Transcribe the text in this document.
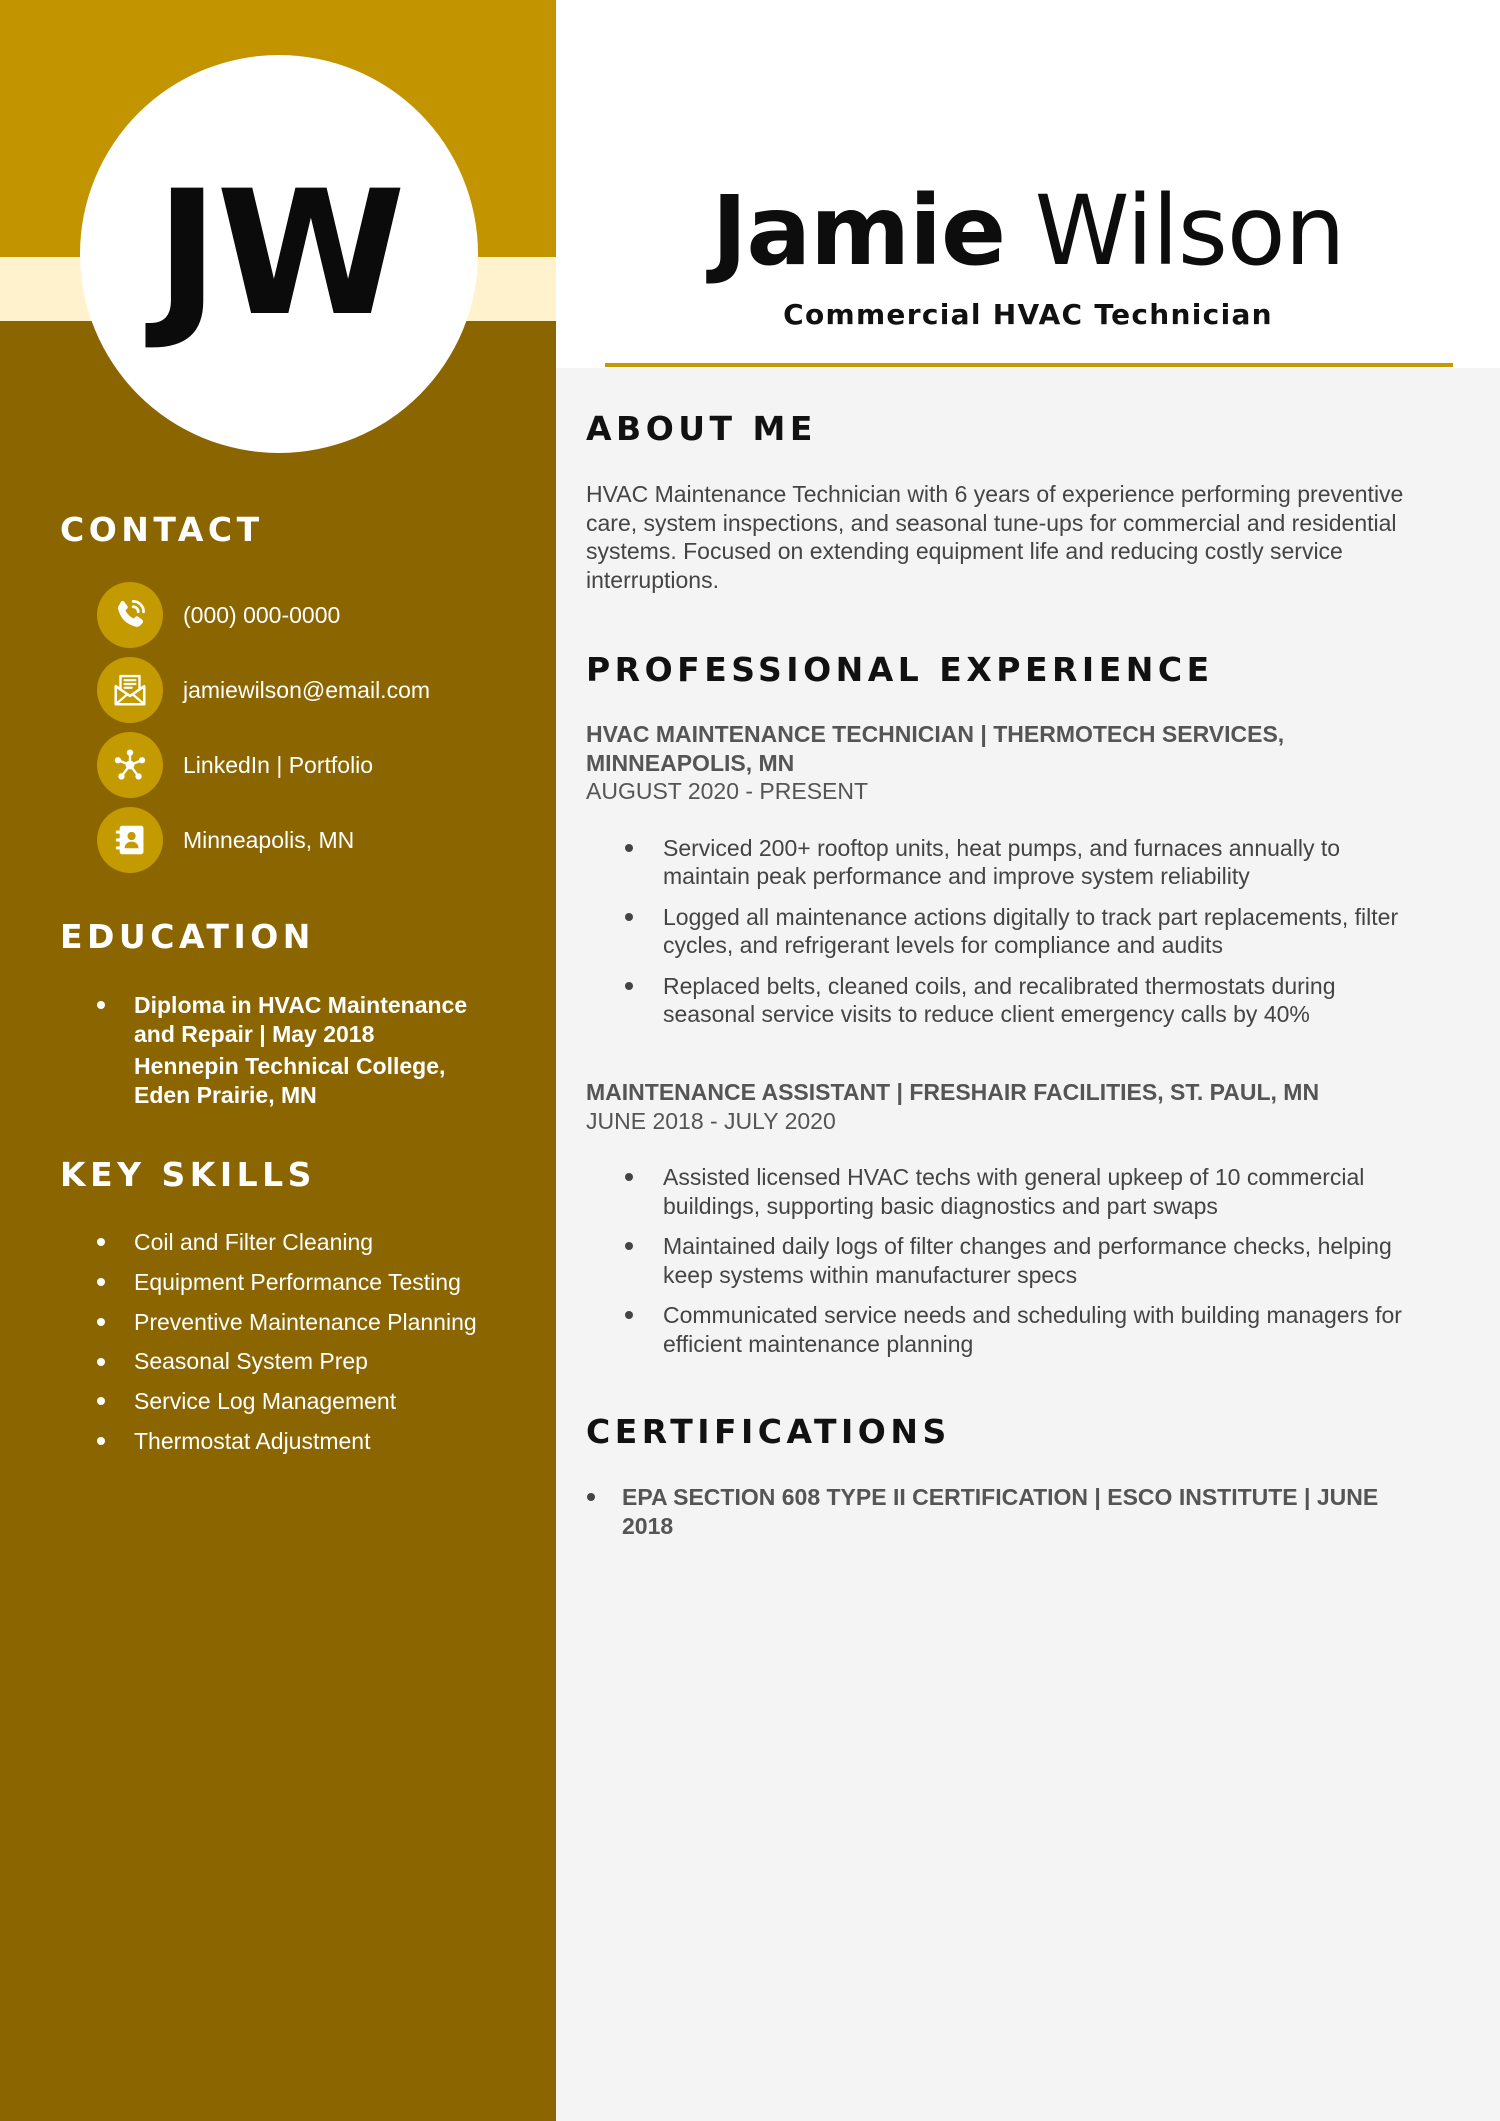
JW	Jamie Wilson
Commercial HVAC Technician
CONTACT
(000) 000-0000
jamiewilson@email.com
LinkedIn | Portfolio
Minneapolis, MN
EDUCATION
Diploma in HVAC Maintenance and Repair | May 2018
Hennepin Technical College, Eden Prairie, MN
KEY SKILLS
Coil and Filter Cleaning
Equipment Performance Testing
Preventive Maintenance Planning
Seasonal System Prep
Service Log Management
Thermostat Adjustment
ABOUT ME

HVAC Maintenance Technician with 6 years of experience performing preventive care, system inspections, and seasonal tune-ups for commercial and residential systems. Focused on extending equipment life and reducing costly service interruptions.

PROFESSIONAL EXPERIENCE
HVAC MAINTENANCE TECHNICIAN | THERMOTECH SERVICES, MINNEAPOLIS, MN
AUGUST 2020 - PRESENT
Serviced 200+ rooftop units, heat pumps, and furnaces annually to maintain peak performance and improve system reliability
Logged all maintenance actions digitally to track part replacements, filter cycles, and refrigerant levels for compliance and audits
Replaced belts, cleaned coils, and recalibrated thermostats during seasonal service visits to reduce client emergency calls by 40%
MAINTENANCE ASSISTANT | FRESHAIR FACILITIES, ST. PAUL, MN
JUNE 2018 - JULY 2020
Assisted licensed HVAC techs with general upkeep of 10 commercial buildings, supporting basic diagnostics and part swaps
Maintained daily logs of filter changes and performance checks, helping keep systems within manufacturer specs
Communicated service needs and scheduling with building managers for efficient maintenance planning
CERTIFICATIONS
EPA SECTION 608 TYPE II CERTIFICATION | ESCO INSTITUTE | JUNE 2018
